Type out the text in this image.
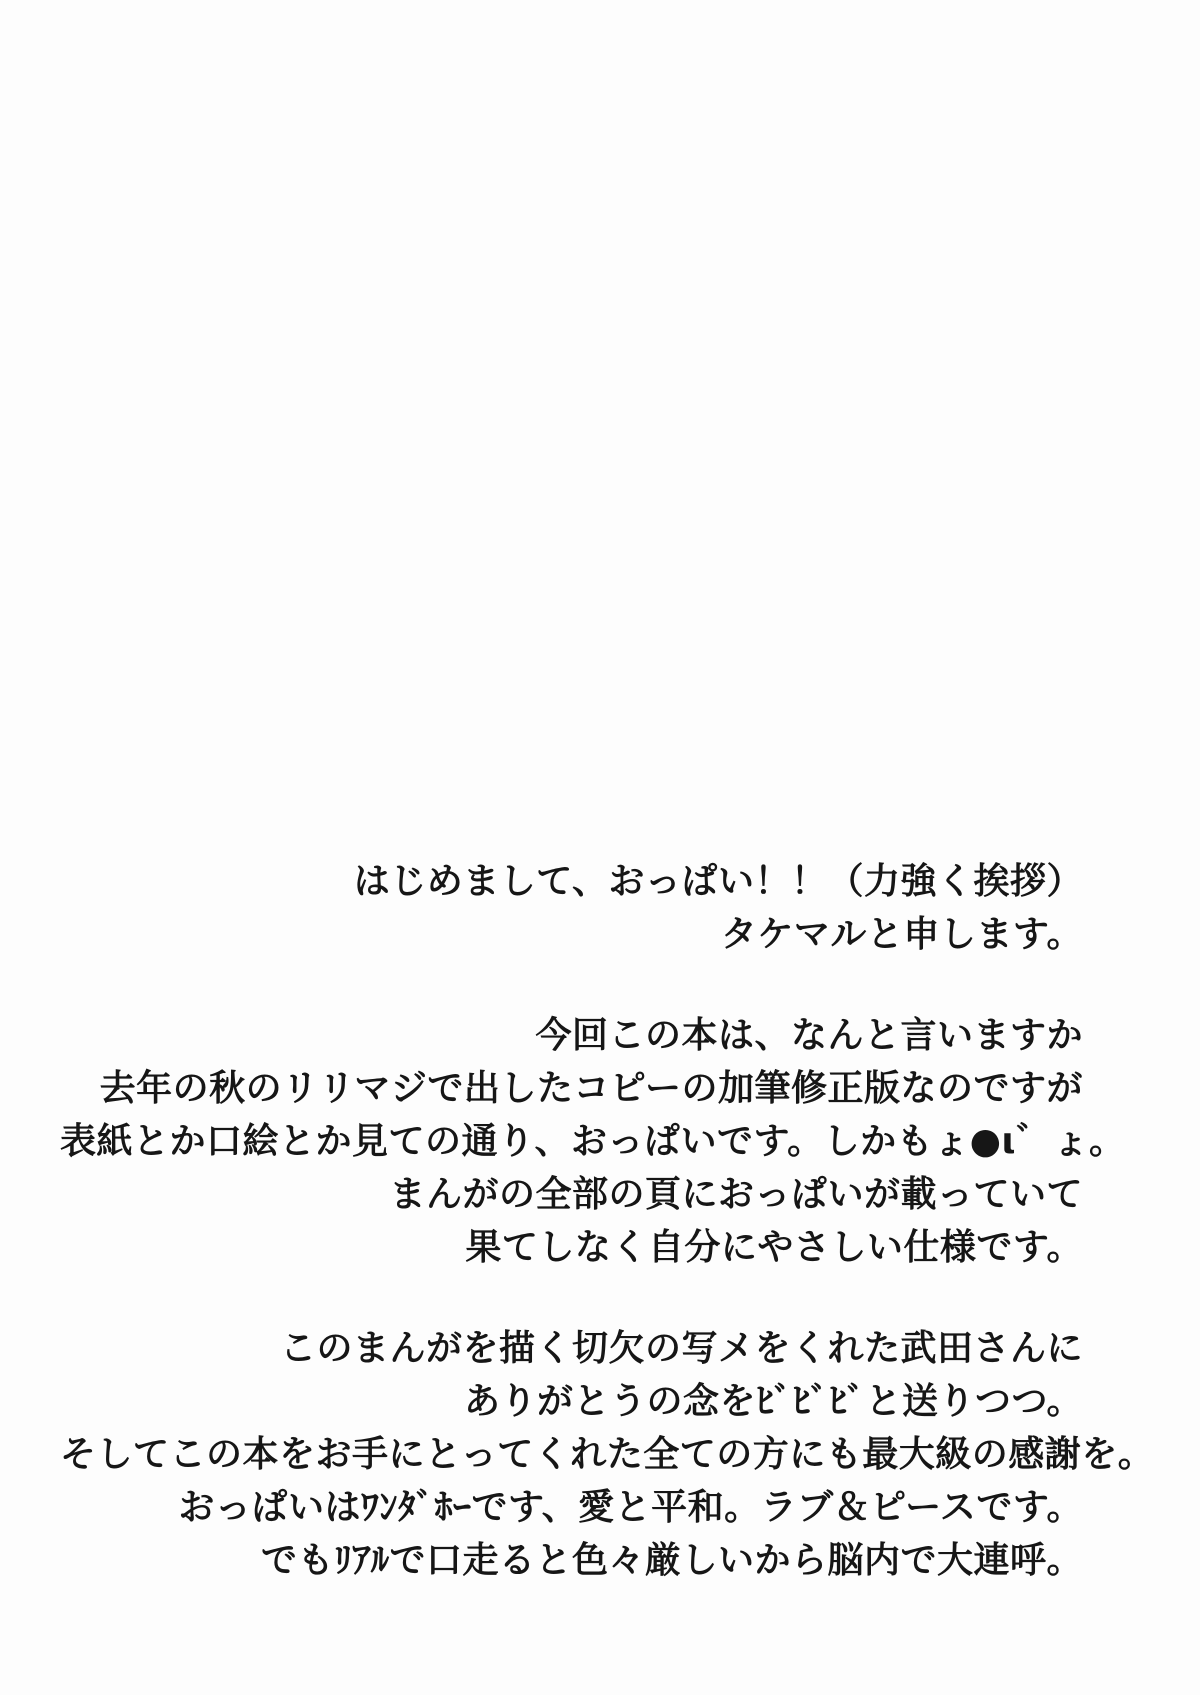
はじめまして、おっぱい！！（力強く挨拶）
タケマルと申します。
今回この本は、なんと言いますか
去年の秋のリリマジで出したコピーの加筆修正版なのですが
表紙とか口絵とか見ての通り、おっぱいです。しかもょ●ι゛ょ。
まんがの全部の頁におっぱいが載っていて
果てしなく自分にやさしい仕様です。
このまんがを描く切欠の写メをくれた武田さんに
ありがとうの念をﾋﾞﾋﾞﾋﾞと送りつつ。
そしてこの本をお手にとってくれた全ての方にも最大級の感謝を。
おっぱいはﾜﾝﾀﾞﾎｰです、愛と平和。ラブ＆ピースです。
でもﾘｱﾙで口走ると色々厳しいから脳内で大連呼。
